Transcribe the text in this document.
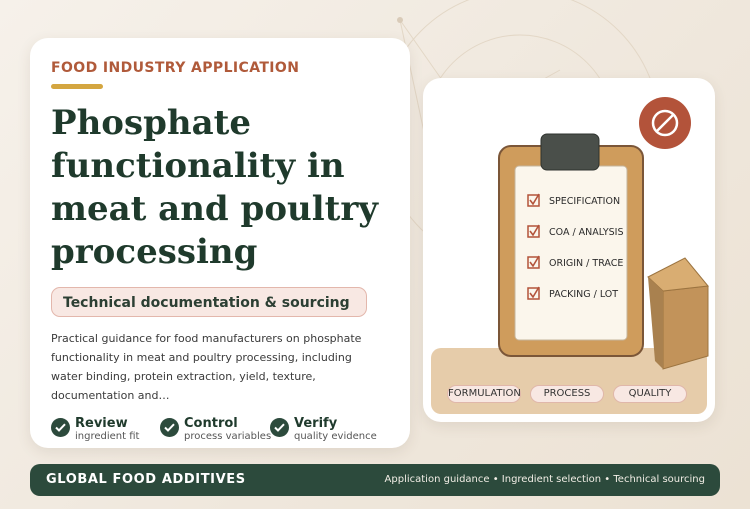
FOOD INDUSTRY APPLICATION
Phosphate
functionality in
meat and poultry
processing
Technical documentation & sourcing

Practical guidance for food manufacturers on phosphate functionality in meat and poultry processing, including water binding, protein extraction, yield, texture, documentation and…

Review
ingredient fit
Control
process variables
Verify
quality evidence
SPECIFICATION
COA / ANALYSIS
ORIGIN / TRACE
PACKING / LOT
FORMULATION	PROCESS	QUALITY
GLOBAL FOOD ADDITIVES	Application guidance • Ingredient selection • Technical sourcing
